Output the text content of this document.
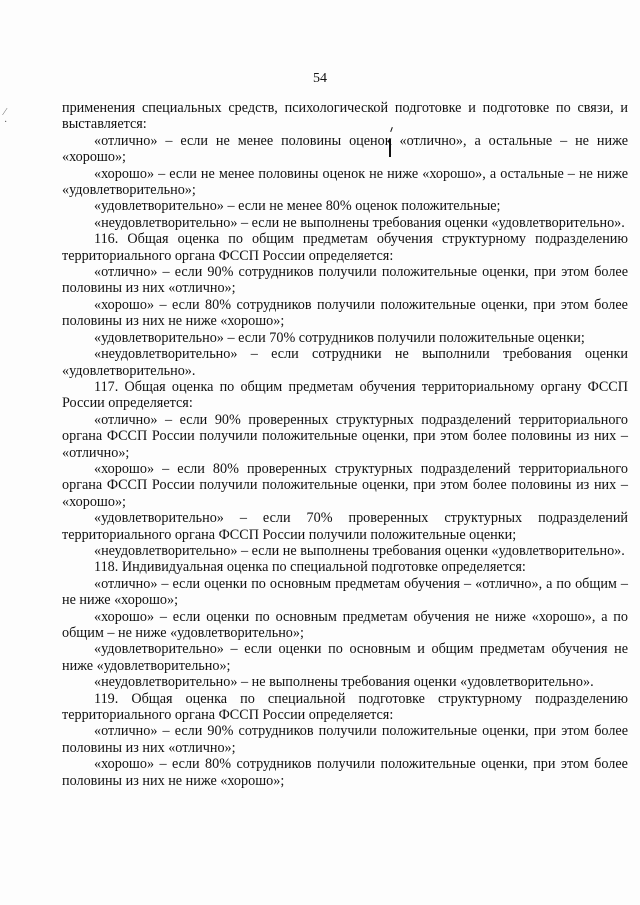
⁄
·
54

применения специальных средств, психологической подготовке и подготовке по связи, и выставляется:

«отлично» – если не менее половины оценок «отлично», а остальные – не ниже «хорошо»;

«хорошо» – если не менее половины оценок не ниже «хорошо», а остальные – не ниже «удовлетворительно»;

«удовлетворительно» – если не менее 80% оценок положительные;

«неудовлетворительно» – если не выполнены требования оценки «удовлетворительно».

116. Общая оценка по общим предметам обучения структурному подразделению территориального органа ФССП России определяется:

«отлично» – если 90% сотрудников получили положительные оценки, при этом более половины из них «отлично»;

«хорошо» – если 80% сотрудников получили положительные оценки, при этом более половины из них не ниже «хорошо»;

«удовлетворительно» – если 70% сотрудников получили положительные оценки;

«неудовлетворительно» – если сотрудники не выполнили требования оценки «удовлетворительно».

117. Общая оценка по общим предметам обучения территориальному органу ФССП России определяется:

«отлично» – если 90% проверенных структурных подразделений территориального органа ФССП России получили положительные оценки, при этом более половины из них – «отлично»;

«хорошо» – если 80% проверенных структурных подразделений территориального органа ФССП России получили положительные оценки, при этом более половины из них – «хорошо»;

«удовлетворительно» – если 70% проверенных структурных подразделений территориального органа ФССП России получили положительные оценки;

«неудовлетворительно» – если не выполнены требования оценки «удовлетворительно».

118. Индивидуальная оценка по специальной подготовке определяется:

«отлично» – если оценки по основным предметам обучения – «отлично», а по общим – не ниже «хорошо»;

«хорошо» – если оценки по основным предметам обучения не ниже «хорошо», а по общим – не ниже «удовлетворительно»;

«удовлетворительно» – если оценки по основным и общим предметам обучения не ниже «удовлетворительно»;

«неудовлетворительно» – не выполнены требования оценки «удовлетворительно».

119. Общая оценка по специальной подготовке структурному подразделению территориального органа ФССП России определяется:

«отлично» – если 90% сотрудников получили положительные оценки, при этом более половины из них «отлично»;

«хорошо» – если 80% сотрудников получили положительные оценки, при этом более половины из них не ниже «хорошо»;
